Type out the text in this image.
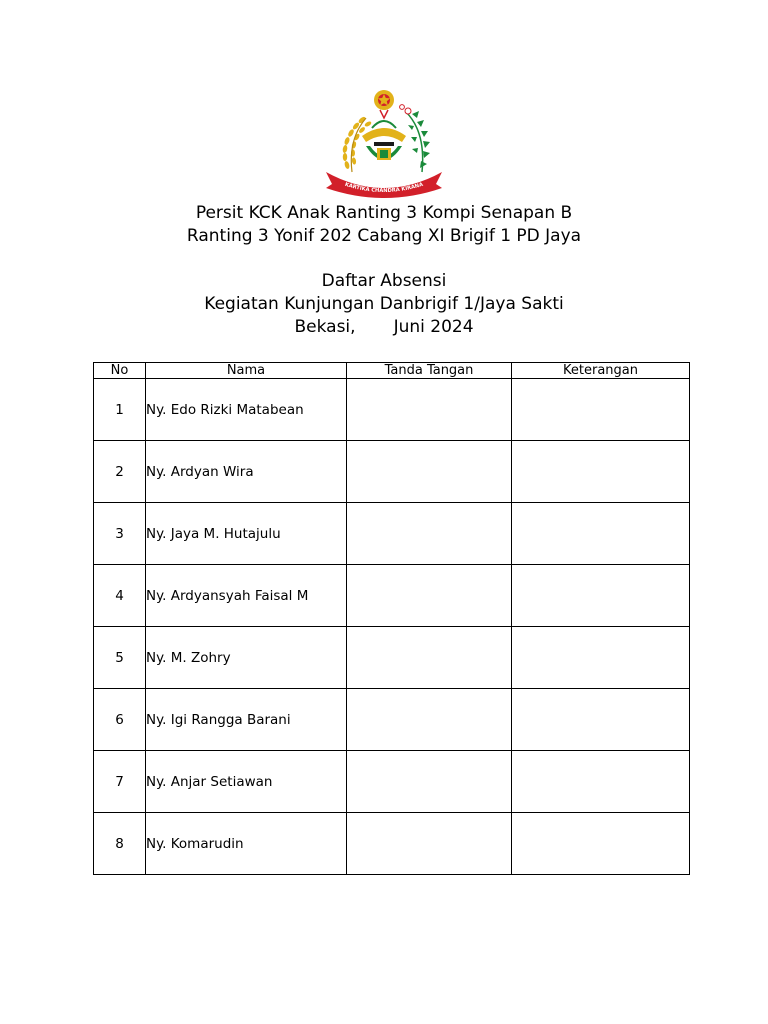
KARTIKA CHANDRA KIRANA
Persit KCK Anak Ranting 3 Kompi Senapan B
Ranting 3 Yonif 202 Cabang XI Brigif 1 PD Jaya
Daftar Absensi
Kegiatan Kunjungan Danbrigif 1/Jaya Sakti
Bekasi, Juni 2024
No	Nama	Tanda Tangan	Keterangan
1	Ny. Edo Rizki Matabean		
2	Ny. Ardyan Wira		
3	Ny. Jaya M. Hutajulu		
4	Ny. Ardyansyah Faisal M		
5	Ny. M. Zohry		
6	Ny. Igi Rangga Barani		
7	Ny. Anjar Setiawan		
8	Ny. Komarudin		
